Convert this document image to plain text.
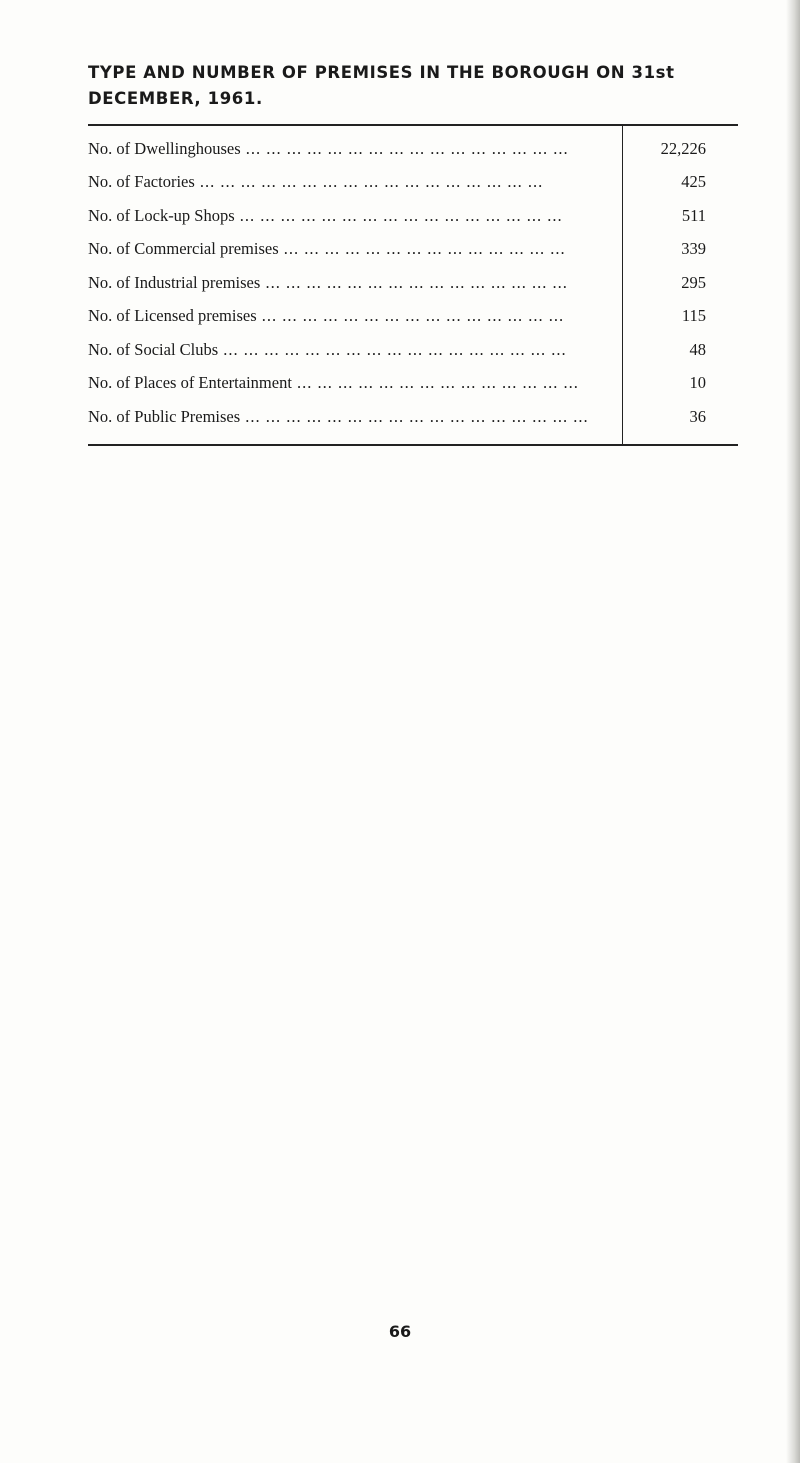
TYPE AND NUMBER OF PREMISES IN THE BOROUGH ON 31st
DECEMBER, 1961.
No. of Dwellinghouses ... ... ... ... ... ... ... ... ... ... ... ... ... ... ... ...	22,226
No. of Factories ... ... ... ... ... ... ... ... ... ... ... ... ... ... ... ... ...	425
No. of Lock-up Shops ... ... ... ... ... ... ... ... ... ... ... ... ... ... ... ...	511
No. of Commercial premises ... ... ... ... ... ... ... ... ... ... ... ... ... ...	339
No. of Industrial premises ... ... ... ... ... ... ... ... ... ... ... ... ... ... ...	295
No. of Licensed premises ... ... ... ... ... ... ... ... ... ... ... ... ... ... ...	115
No. of Social Clubs ... ... ... ... ... ... ... ... ... ... ... ... ... ... ... ... ...	48
No. of Places of Entertainment ... ... ... ... ... ... ... ... ... ... ... ... ... ...	10
No. of Public Premises ... ... ... ... ... ... ... ... ... ... ... ... ... ... ... ... ...	36
66
